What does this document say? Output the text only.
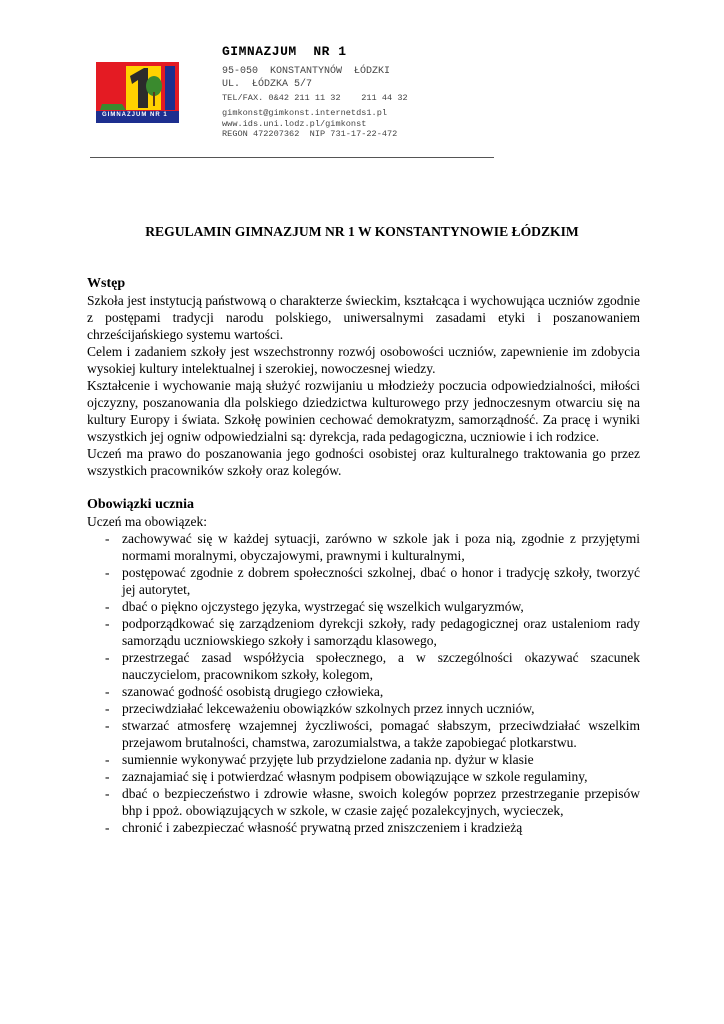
GIMNAZJUM NR 1
GIMNAZJUM  NR 1
95-050  KONSTANTYNÓW  ŁÓDZKI
UL.  ŁÓDZKA 5/7
TEL/FAX. 0&42 211 11 32    211 44 32
gimkonst@gimkonst.internetds1.pl
www.ids.uni.lodz.pl/gimkonst
REGON 472207362  NIP 731-17-22-472
REGULAMIN GIMNAZJUM NR 1 W KONSTANTYNOWIE ŁÓDZKIM
Wstęp

Szkoła jest instytucją państwową o charakterze świeckim, kształcąca i wychowująca uczniów zgodnie z postępami tradycji narodu polskiego, uniwersalnymi zasadami etyki i poszanowaniem chrześcijańskiego systemu wartości.

Celem i zadaniem szkoły jest wszechstronny rozwój osobowości uczniów, zapewnienie im zdobycia wysokiej kultury intelektualnej i szerokiej, nowoczesnej wiedzy.

Kształcenie i wychowanie mają służyć rozwijaniu u młodzieży poczucia odpowiedzialności, miłości ojczyzny, poszanowania dla polskiego dziedzictwa kulturowego przy jednoczesnym otwarciu się na kultury Europy i świata. Szkołę powinien cechować demokratyzm, samorządność. Za pracę i wyniki wszystkich jej ogniw odpowiedzialni są: dyrekcja, rada pedagogiczna, uczniowie i ich rodzice.

Uczeń ma prawo do poszanowania jego godności osobistej oraz kulturalnego traktowania go przez wszystkich pracowników szkoły oraz kolegów.

Obowiązki ucznia
Uczeń ma obowiązek:
- zachowywać się w każdej sytuacji, zarówno w szkole jak i poza nią, zgodnie z przyjętymi normami moralnymi, obyczajowymi, prawnymi i kulturalnymi,
- postępować zgodnie z dobrem społeczności szkolnej, dbać o honor i tradycję szkoły, tworzyć jej autorytet,
- dbać o piękno ojczystego języka, wystrzegać się wszelkich wulgaryzmów,
- podporządkować się zarządzeniom dyrekcji szkoły, rady pedagogicznej oraz ustaleniom rady samorządu uczniowskiego szkoły i samorządu klasowego,
- przestrzegać zasad współżycia społecznego, a w szczególności okazywać szacunek nauczycielom, pracownikom szkoły, kolegom,
- szanować godność osobistą drugiego człowieka,
- przeciwdziałać lekceważeniu obowiązków szkolnych przez innych uczniów,
- stwarzać atmosferę wzajemnej życzliwości, pomagać słabszym, przeciwdziałać wszelkim przejawom brutalności, chamstwa, zarozumialstwa, a także zapobiegać plotkarstwu.
- sumiennie wykonywać przyjęte lub przydzielone zadania np. dyżur w klasie
- zaznajamiać się i potwierdzać własnym podpisem obowiązujące w szkole regulaminy,
- dbać o bezpieczeństwo i zdrowie własne, swoich kolegów poprzez przestrzeganie przepisów bhp i ppoż. obowiązujących w szkole, w czasie zajęć pozalekcyjnych, wycieczek,
- chronić i zabezpieczać własność prywatną przed zniszczeniem i kradzieżą
